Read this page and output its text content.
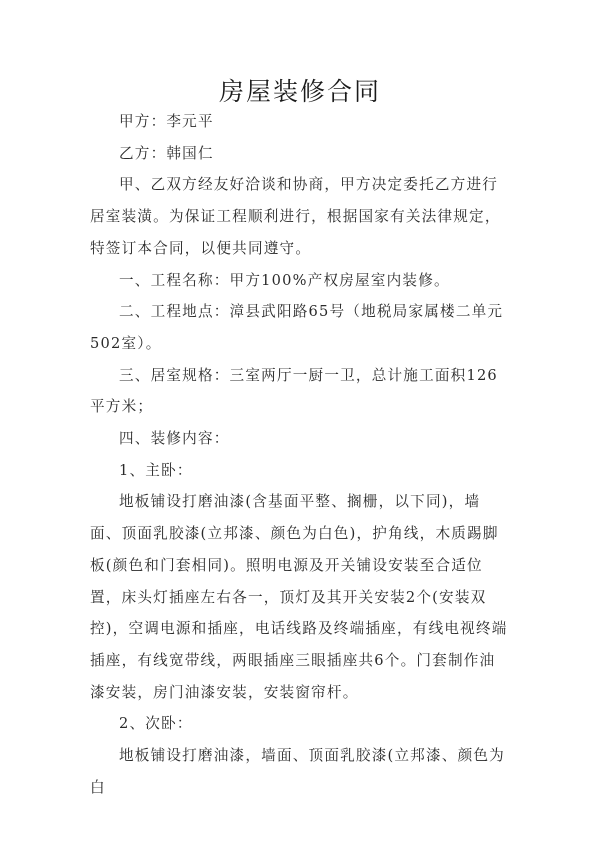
房屋装修合同

甲方：李元平

乙方：韩国仁

甲、乙双方经友好洽谈和协商，甲方决定委托乙方进行居室装潢。为保证工程顺利进行，根据国家有关法律规定，特签订本合同，以便共同遵守。

一、工程名称：甲方100%产权房屋室内装修。

二、工程地点：漳县武阳路65号（地税局家属楼二单元502室）。

三、居室规格：三室两厅一厨一卫，总计施工面积126 平方米；

四、装修内容：

1、主卧：

地板铺设打磨油漆(含基面平整、搁栅，以下同)，墙面、顶面乳胶漆(立邦漆、颜色为白色)，护角线，木质踢脚板(颜色和门套相同)。照明电源及开关铺设安装至合适位置，床头灯插座左右各一，顶灯及其开关安装2个(安装双控)，空调电源和插座，电话线路及终端插座，有线电视终端插座，有线宽带线，两眼插座三眼插座共6个。门套制作油漆安装，房门油漆安装，安装窗帘杆。

2、次卧：

地板铺设打磨油漆，墙面、顶面乳胶漆(立邦漆、颜色为白
